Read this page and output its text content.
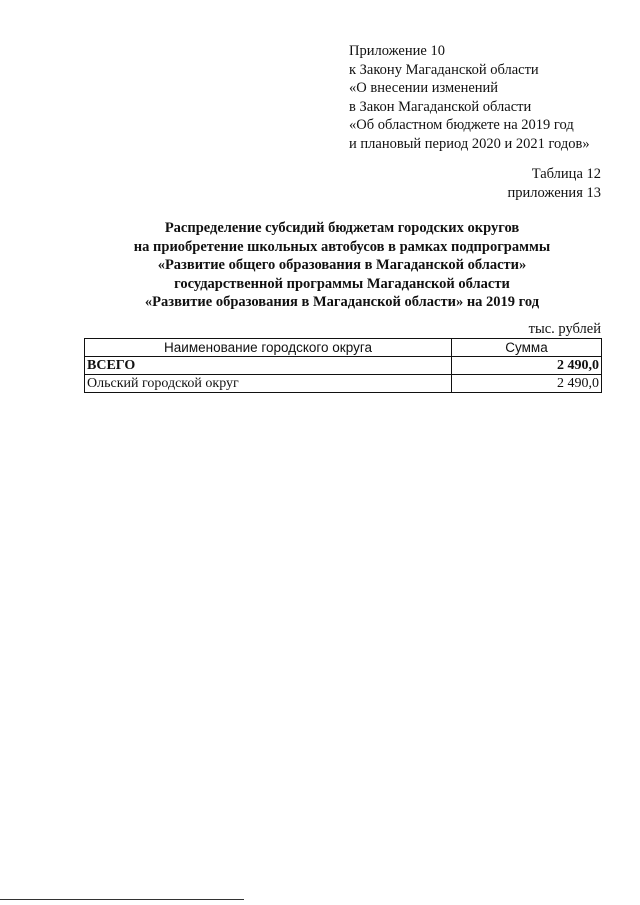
Приложение 10
к Закону Магаданской области
«О внесении изменений
в Закон Магаданской области
«Об областном бюджете на 2019 год
и плановый период 2020 и 2021 годов»
Таблица 12
приложения 13
Распределение субсидий бюджетам городских округов
на приобретение школьных автобусов в рамках подпрограммы
«Развитие общего образования в Магаданской области»
государственной программы Магаданской области
«Развитие образования в Магаданской области» на 2019 год
тыс. рублей
Наименование городского округа	Сумма
ВСЕГО	2 490,0
Ольский городской округ	2 490,0
